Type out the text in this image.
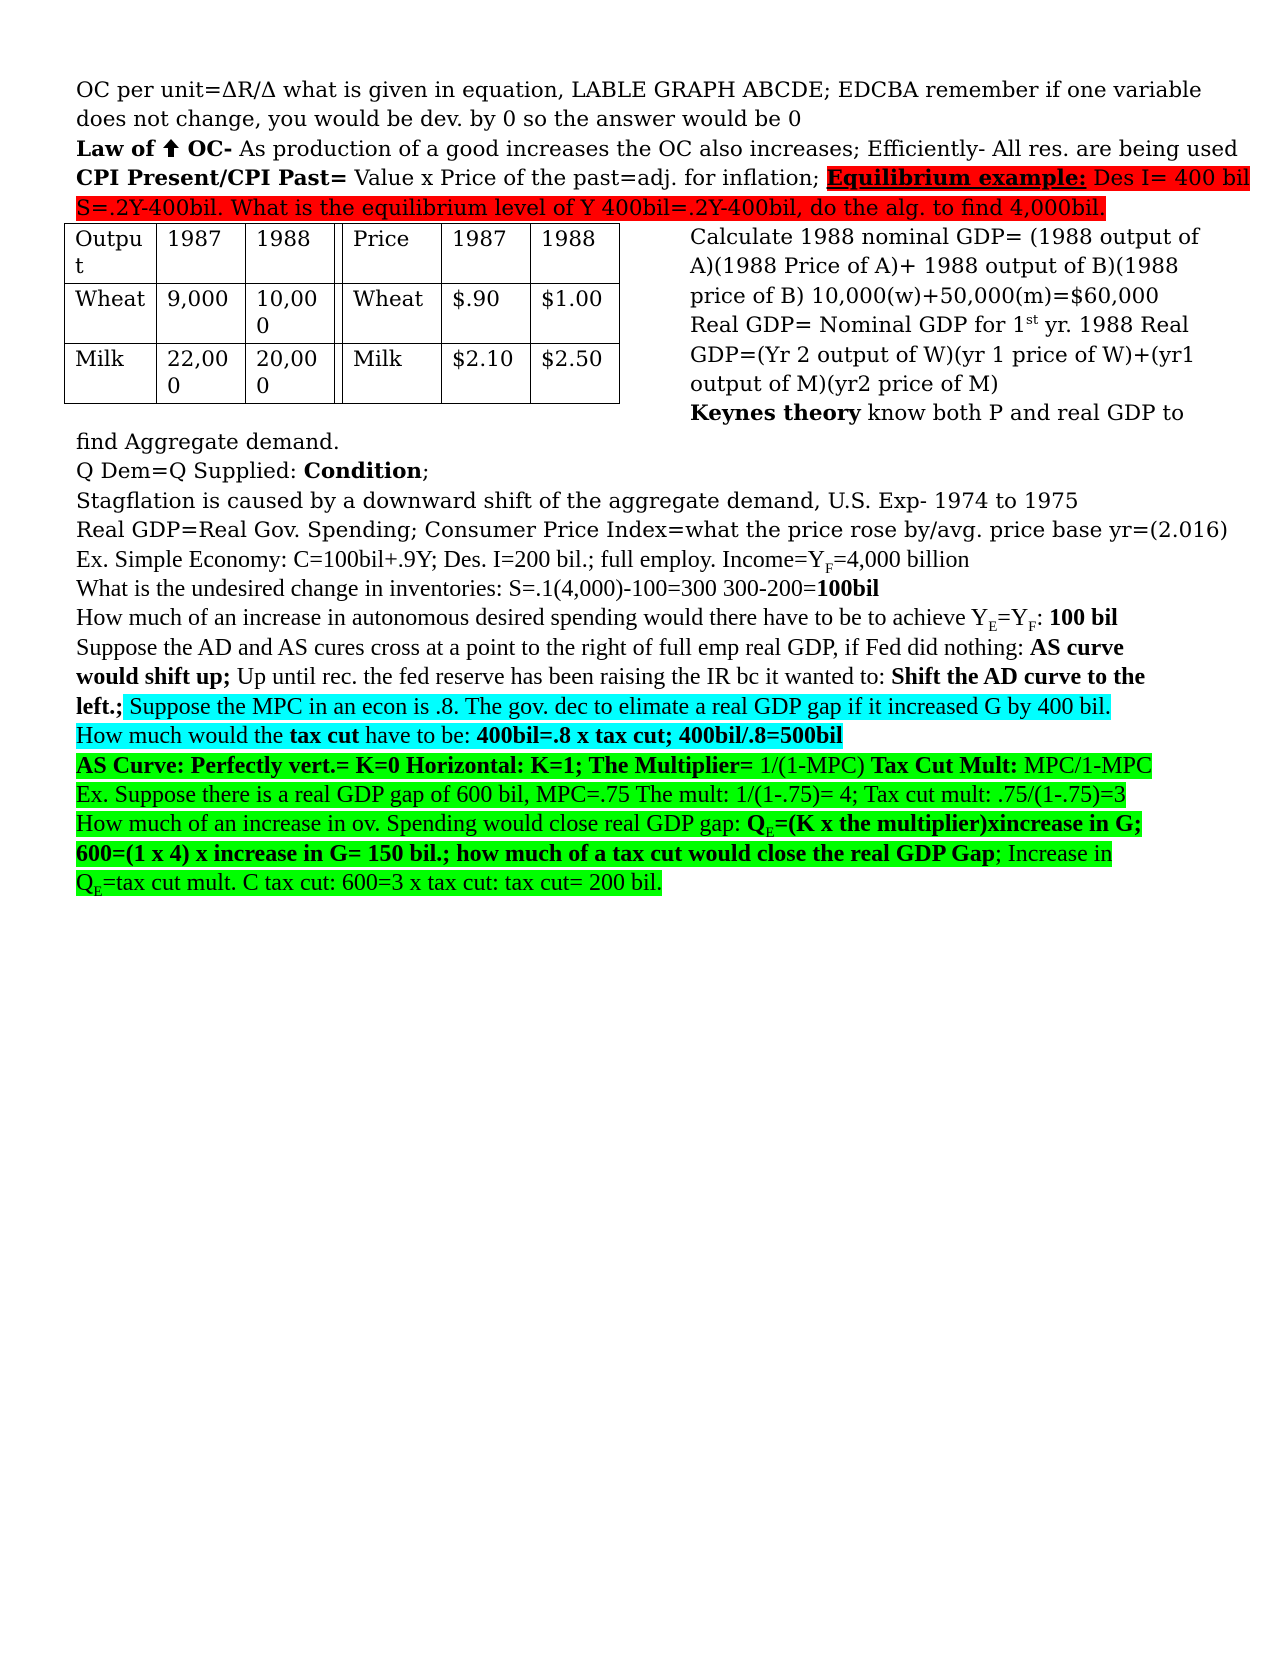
OC per unit=ΔR/Δ what is given in equation, LABLE GRAPH ABCDE; EDCBA remember if one variable

does not change, you would be dev. by 0 so the answer would be 0

Law of  OC- As production of a good increases the OC also increases; Efficiently- All res. are being used

CPI Present/CPI Past= Value x Price of the past=adj. for inflation; Equilibrium example: Des I= 400 bil

S=.2Y-400bil. What is the equilibrium level of Y 400bil=.2Y-400bil, do the alg. to find 4,000bil.

Outpu t	1987	1988		Price	1987	1988
Wheat	9,000	10,00 0		Wheat	$.90	$1.00
Milk	22,00 0	20,00 0		Milk	$2.10	$2.50

Calculate 1988 nominal GDP= (1988 output of

A)(1988 Price of A)+ 1988 output of B)(1988

price of B) 10,000(w)+50,000(m)=$60,000

Real GDP= Nominal GDP for 1st yr. 1988 Real

GDP=(Yr 2 output of W)(yr 1 price of W)+(yr1

output of M)(yr2 price of M)

Keynes theory know both P and real GDP to

find Aggregate demand.

Q Dem=Q Supplied: Condition;

Stagflation is caused by a downward shift of the aggregate demand, U.S. Exp- 1974 to 1975

Real GDP=Real Gov. Spending; Consumer Price Index=what the price rose by/avg. price base yr=(2.016)

Ex. Simple Economy: C=100bil+.9Y; Des. I=200 bil.; full employ. $Income=Y_F=4,000$ billion

What is the undesired change in inventories: S=.1(4,000)-100=300 300-200=100bil

How much of an increase in autonomous desired spending would there have to be to achieve $Y_E=Y_F$: 100 bil

Suppose the AD and AS cures cross at a point to the right of full emp real GDP, if Fed did nothing: AS curve

would shift up; Up until rec. the fed reserve has been raising the IR bc it wanted to: Shift the AD curve to the

left.; Suppose the MPC in an econ is .8. The gov. dec to elimate a real GDP gap if it increased G by 400 bil.

How much would the tax cut have to be: 400bil=.8 x tax cut; 400bil/.8=500bil

AS Curve: Perfectly vert.= K=0 Horizontal: K=1; The Multiplier= 1/(1-MPC) Tax Cut Mult: MPC/1-MPC

Ex. Suppose there is a real GDP gap of 600 bil, MPC=.75 The mult: 1/(1-.75)= 4; Tax cut mult: .75/(1-.75)=3

How much of an increase in ov. Spending would close real GDP gap: $Q_E=(K$ x the multiplier)xincrease in G;

600=(1 x 4) x increase in G= 150 bil.; how much of a tax cut would close the real GDP Gap; Increase in

$Q_E=tax$ cut mult. C tax cut: 600=3 x tax cut: tax cut= 200 bil.
